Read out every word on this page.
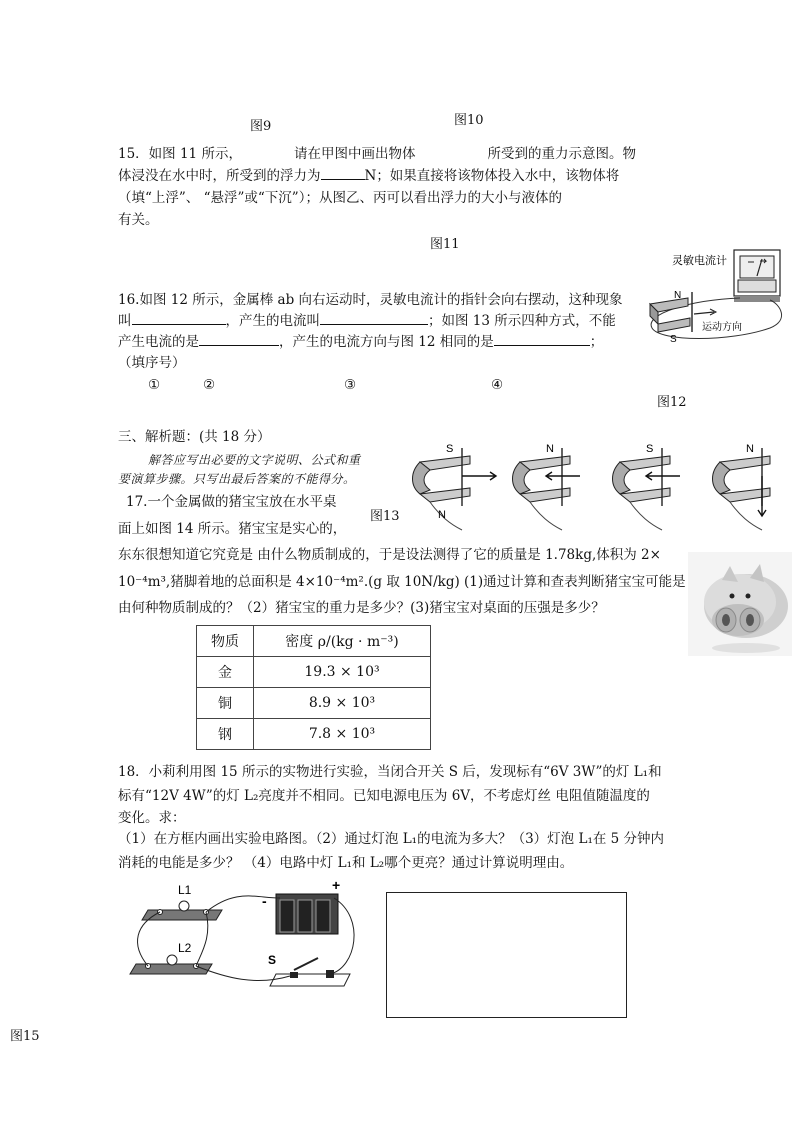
图9	图10
15．如图 11 所示，	请在甲图中画出物体	所受到的重力示意图。物
体浸没在水中时，所受到的浮力为	N；如果直接将该物体投入水中，该物体将
（填“上浮”、 “悬浮”或“下沉”）；从图乙、丙可以看出浮力的大小与液体的
有关。
图11
灵敏电流计
N
S
运动方向
16.如图 12 所示，金属棒 ab 向右运动时，灵敏电流计的指针会向右摆动，这种现象
叫	，产生的电流叫	；如图 13 所示四种方式，不能
产生电流的是	，产生的电流方向与图 12 相同的是	；
（填序号）
①	②	③	④
图12
三、解析题：(共 18 分）
解答应写出必要的文字说明、公式和重
要演算步骤。只写出最后答案的不能得分。
S
N
N	S	N
图13
17.一个金属做的猪宝宝放在水平桌
面上如图 14 所示。猪宝宝是实心的，
东东很想知道它究竟是 由什么物质制成的，于是设法测得了它的质量是 1.78kg,体积为 2×
10⁻⁴m³,猪脚着地的总面积是 4×10⁻⁴m².(g 取 10N/kg) (1)通过计算和查表判断猪宝宝可能是
由何种物质制成的？（2）猪宝宝的重力是多少？(3)猪宝宝对桌面的压强是多少？
物质	密度 ρ/(kg · m⁻³)
金	19.3 × 10³
铜	8.9 × 10³
钢	7.8 × 10³
18．小莉利用图 15 所示的实物进行实验，当闭合开关 S 后，发现标有“6V 3W”的灯 L₁和
标有“12V 4W”的灯 L₂亮度并不相同。已知电源电压为 6V，不考虑灯丝 电阻值随温度的
变化。求：
（1）在方框内画出实验电路图。（2）通过灯泡 L₁的电流为多大？（3）灯泡 L₁在 5 分钟内
消耗的电能是多少？ （4）电路中灯 L₁和 L₂哪个更亮？通过计算说明理由。
L1
L2
+
-
S
图15
